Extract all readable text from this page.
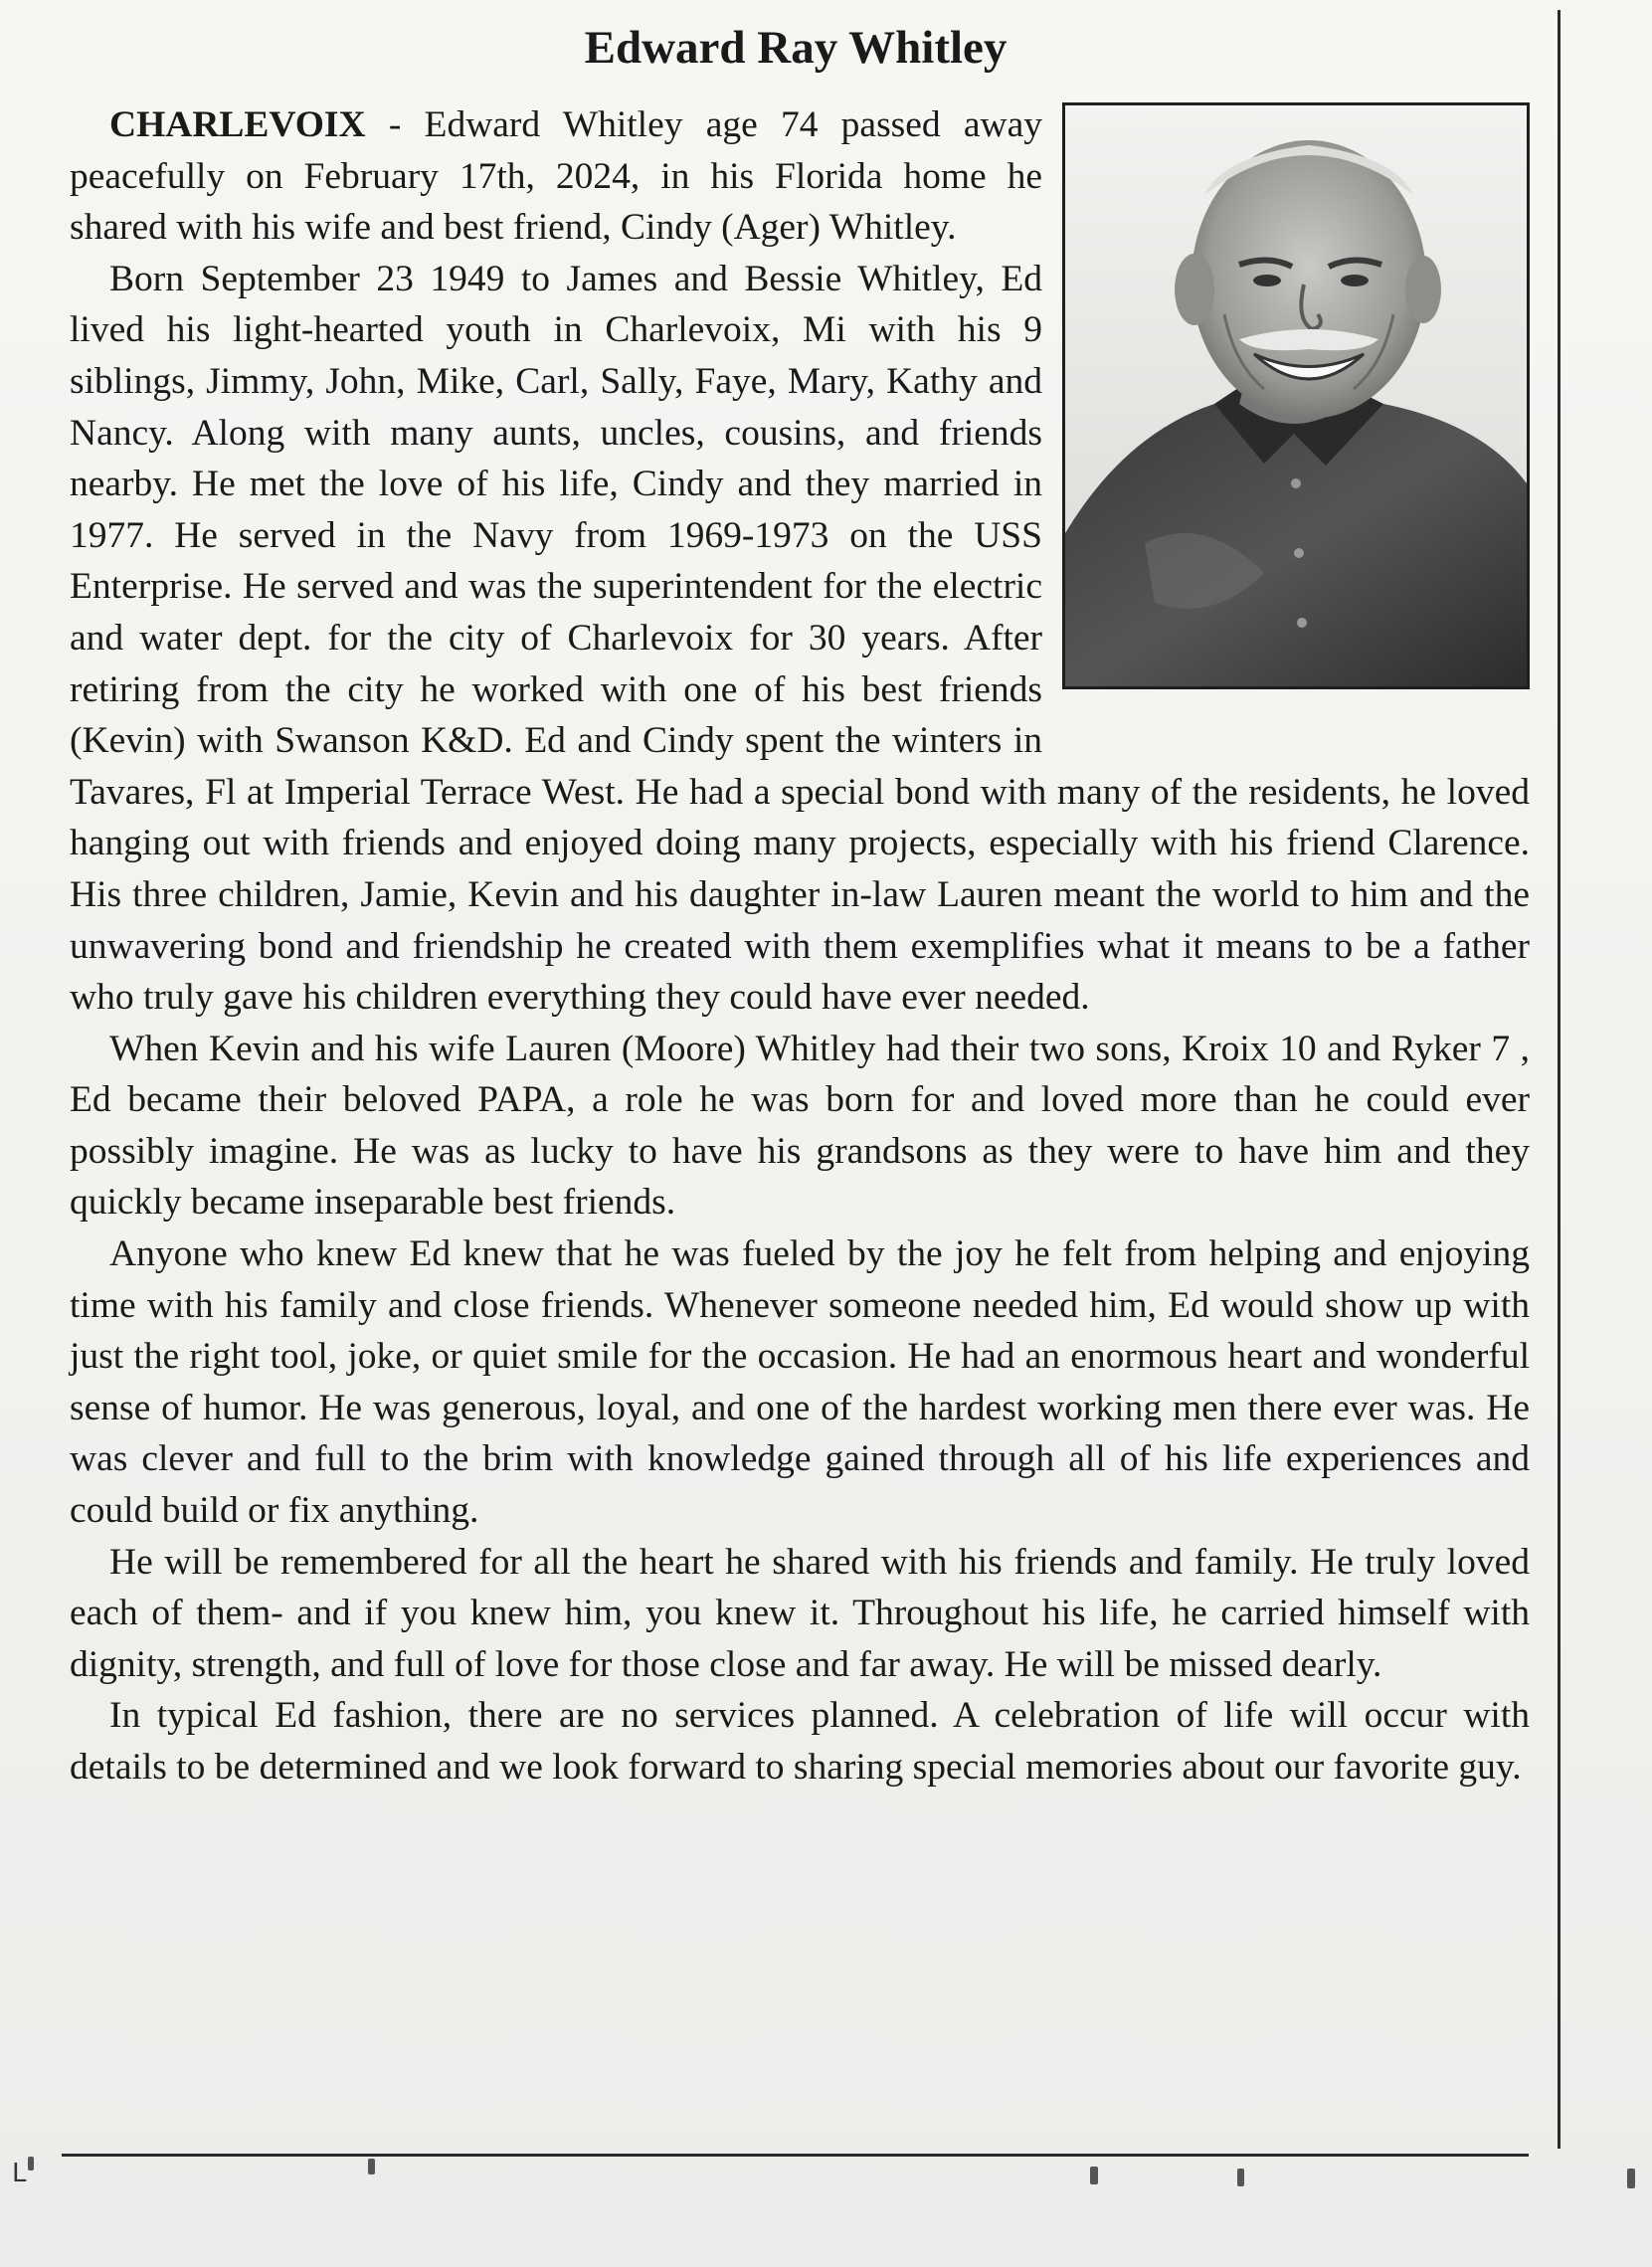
Edward Ray Whitley

CHARLEVOIX - Edward Whitley age 74 passed away peacefully on February 17th, 2024, in his Florida home he shared with his wife and best friend, Cindy (Ager) Whitley.

Born September 23 1949 to James and Bessie Whitley, Ed lived his light-hearted youth in Charlevoix, Mi with his 9 siblings, Jimmy, John, Mike, Carl, Sally, Faye, Mary, Kathy and Nancy. Along with many aunts, uncles, cousins, and friends nearby. He met the love of his life, Cindy and they married in 1977. He served in the Navy from 1969-1973 on the USS Enterprise. He served and was the superintendent for the electric and water dept. for the city of Charlevoix for 30 years. After retiring from the city he worked with one of his best friends (Kevin) with Swanson K&D. Ed and Cindy spent the winters in Tavares, Fl at Imperial Terrace West. He had a special bond with many of the residents, he loved hanging out with friends and enjoyed doing many projects, especially with his friend Clarence. His three children, Jamie, Kevin and his daughter in-law Lauren meant the world to him and the unwavering bond and friendship he created with them exemplifies what it means to be a father who truly gave his children everything they could have ever needed.

When Kevin and his wife Lauren (Moore) Whitley had their two sons, Kroix 10 and Ryker 7 , Ed became their beloved PAPA, a role he was born for and loved more than he could ever possibly imagine. He was as lucky to have his grandsons as they were to have him and they quickly became inseparable best friends.

Anyone who knew Ed knew that he was fueled by the joy he felt from helping and enjoying time with his family and close friends. Whenever someone needed him, Ed would show up with just the right tool, joke, or quiet smile for the occasion. He had an enormous heart and wonderful sense of humor. He was generous, loyal, and one of the hardest working men there ever was. He was clever and full to the brim with knowledge gained through all of his life experiences and could build or fix anything.

He will be remembered for all the heart he shared with his friends and family. He truly loved each of them- and if you knew him, you knew it. Throughout his life, he carried himself with dignity, strength, and full of love for those close and far away. He will be missed dearly.

In typical Ed fashion, there are no services planned. A celebration of life will occur with details to be determined and we look forward to sharing special memories about our favorite guy.

L
